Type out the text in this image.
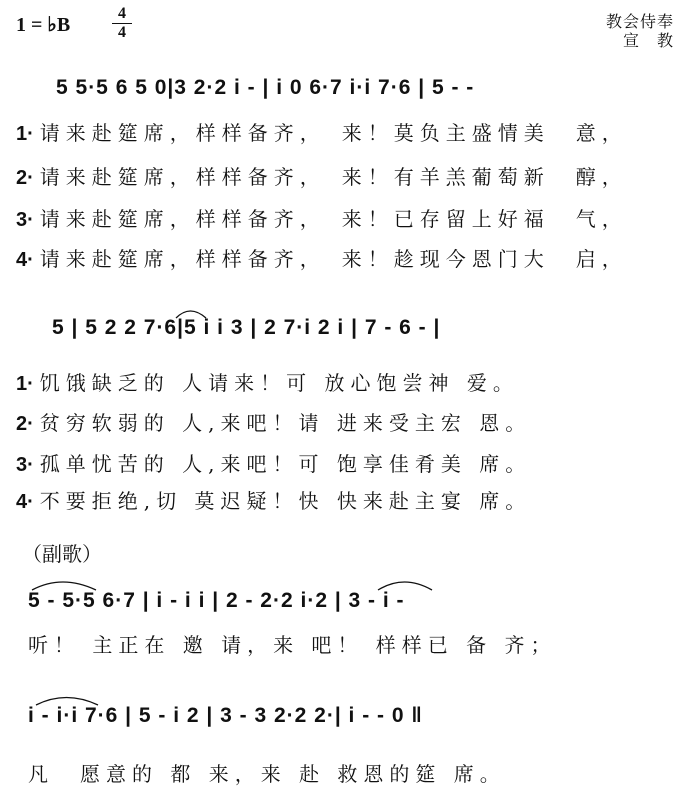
1 = ♭B
4
4
教会侍奉
宣　教
5 5·5 6 5 0|3 2·2 i - | i 0 6·7 i·i 7·6 | 5 - -
1· 请来赴筵席，样样备齐，　来！莫负主盛情美　意，
2· 请来赴筵席，样样备齐，　来！有羊羔葡萄新　醇，
3· 请来赴筵席，样样备齐，　来！已存留上好福　气，
4· 请来赴筵席，样样备齐，　来！趁现今恩门大　启，
5 | 5 2 2 7·6|5 i i 3 | 2 7·i 2 i | 7 - 6 - |
1· 饥饿缺乏的 人请来！可 放心饱尝神 爱。
2· 贫穷软弱的 人,来吧！请 进来受主宏 恩。
3· 孤单忧苦的 人,来吧！可 饱享佳肴美 席。
4· 不要拒绝,切 莫迟疑！快 快来赴主宴 席。
（副歌）
5 - 5·5 6·7 | i - i i | 2 - 2·2 i·2 | 3 - i -
听！ 主正在 邀 请，来 吧！ 样样已 备 齐；
i - i·i 7·6 | 5 - i 2 | 3 - 3 2·2 2·| i - - 0 ‖
凡　愿意的 都 来，来 赴 救恩的筵 席。
